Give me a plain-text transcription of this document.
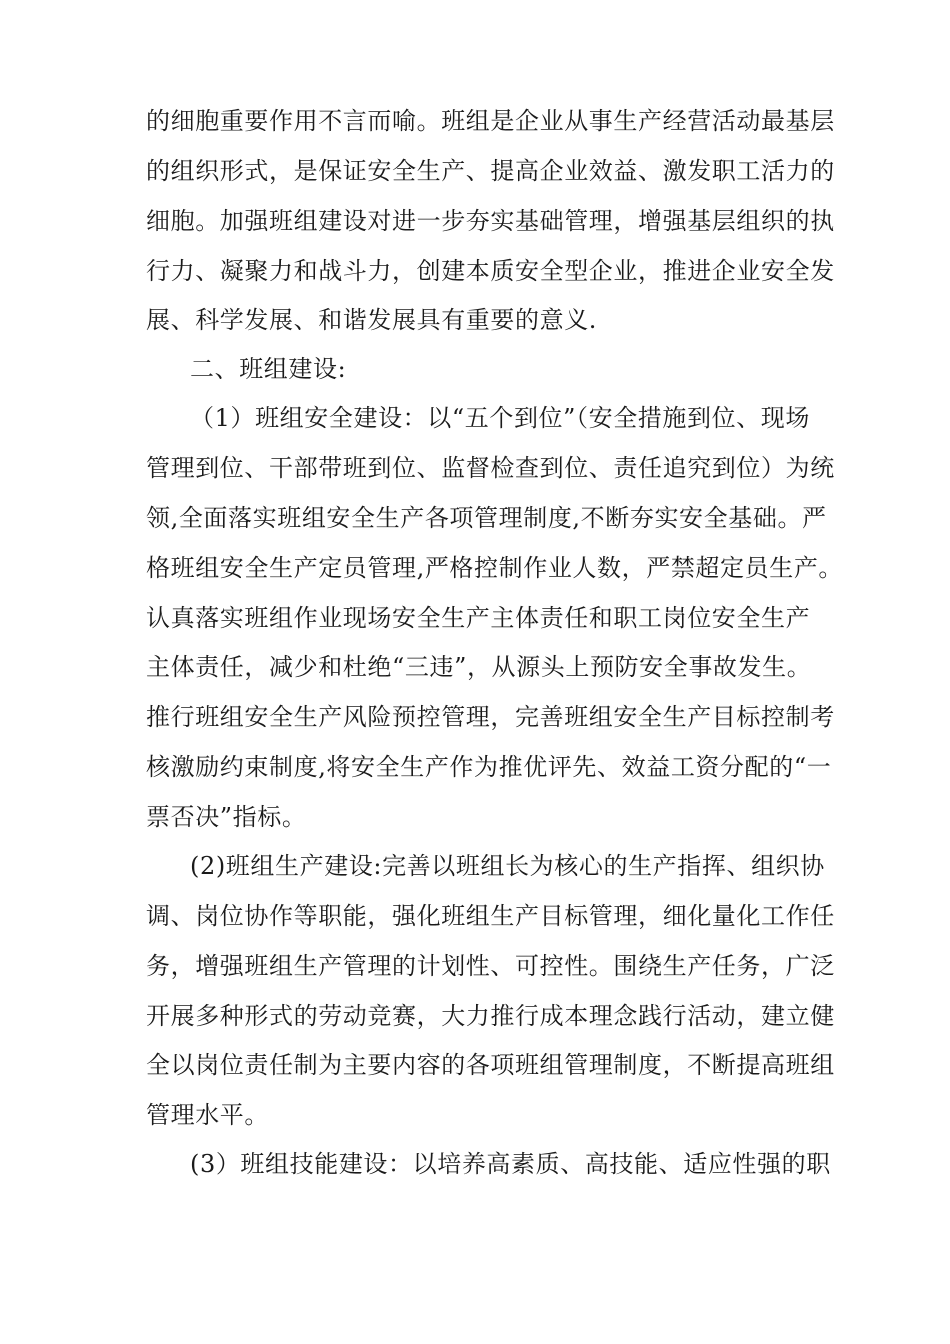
的细胞重要作用不言而喻。班组是企业从事生产经营活动最基层

的组织形式，是保证安全生产、提高企业效益、激发职工活力的

细胞。加强班组建设对进一步夯实基础管理，增强基层组织的执

行力、凝聚力和战斗力，创建本质安全型企业，推进企业安全发

展、科学发展、和谐发展具有重要的意义.

二、班组建设:

（1）班组安全建设：以“五个到位”（安全措施到位、现场

管理到位、干部带班到位、监督检查到位、责任追究到位）为统

领,全面落实班组安全生产各项管理制度,不断夯实安全基础。严

格班组安全生产定员管理,严格控制作业人数，严禁超定员生产。

认真落实班组作业现场安全生产主体责任和职工岗位安全生产

主体责任，减少和杜绝“三违”，从源头上预防安全事故发生。

推行班组安全生产风险预控管理，完善班组安全生产目标控制考

核激励约束制度,将安全生产作为推优评先、效益工资分配的“一

票否决”指标。

(2)班组生产建设:完善以班组长为核心的生产指挥、组织协

调、岗位协作等职能，强化班组生产目标管理，细化量化工作任

务，增强班组生产管理的计划性、可控性。围绕生产任务，广泛

开展多种形式的劳动竞赛，大力推行成本理念践行活动，建立健

全以岗位责任制为主要内容的各项班组管理制度，不断提高班组

管理水平。

(3）班组技能建设：以培养高素质、高技能、适应性强的职
